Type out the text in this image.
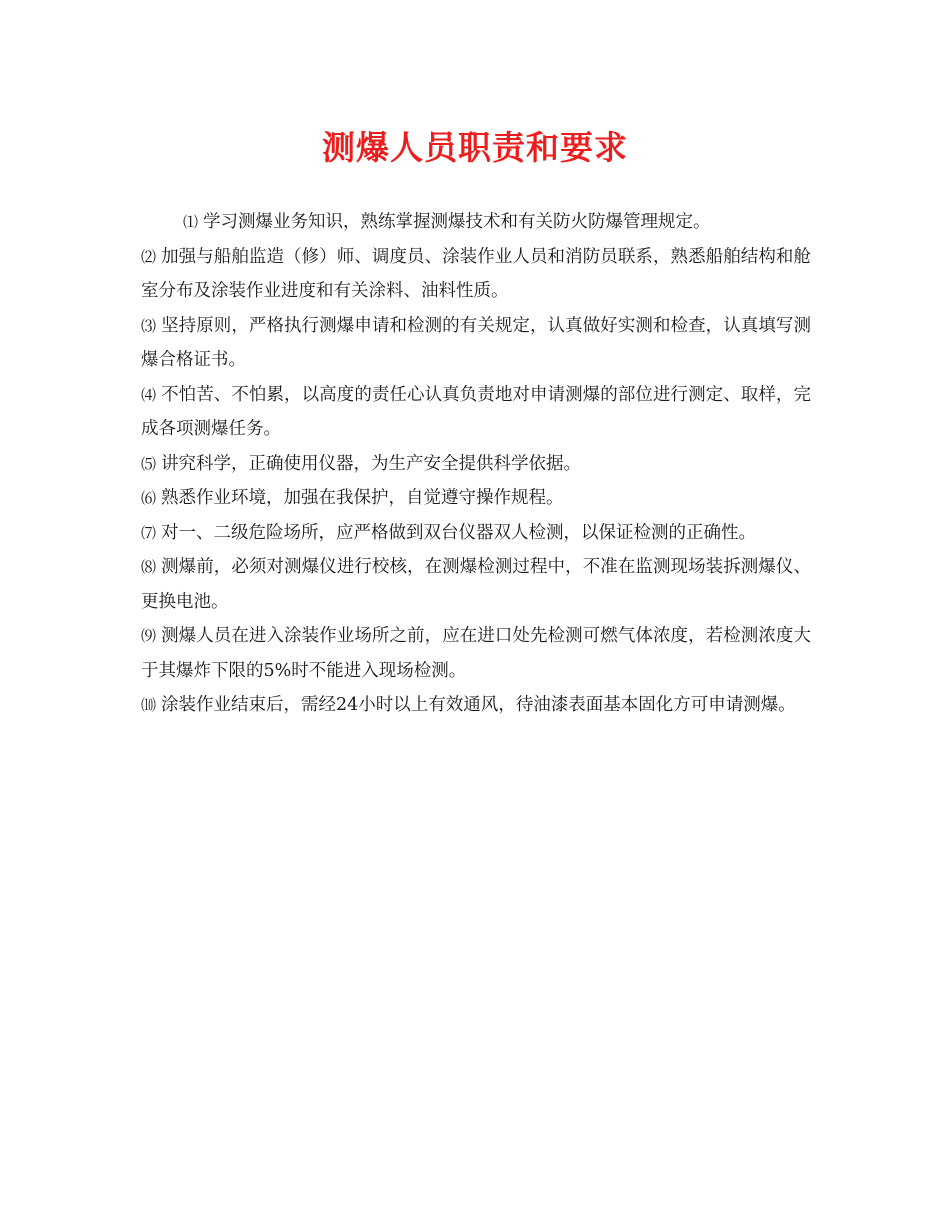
测爆人员职责和要求

⑴ 学习测爆业务知识，熟练掌握测爆技术和有关防火防爆管理规定。

⑵ 加强与船舶监造（修）师、调度员、涂装作业人员和消防员联系，熟悉船舶结构和舱室分布及涂装作业进度和有关涂料、油料性质。

⑶ 坚持原则，严格执行测爆申请和检测的有关规定，认真做好实测和检查，认真填写测爆合格证书。

⑷ 不怕苦、不怕累，以高度的责任心认真负责地对申请测爆的部位进行测定、取样，完成各项测爆任务。

⑸ 讲究科学，正确使用仪器，为生产安全提供科学依据。

⑹ 熟悉作业环境，加强在我保护，自觉遵守操作规程。

⑺ 对一、二级危险场所，应严格做到双台仪器双人检测，以保证检测的正确性。

⑻ 测爆前，必须对测爆仪进行校核，在测爆检测过程中，不准在监测现场装拆测爆仪、更换电池。

⑼ 测爆人员在进入涂装作业场所之前，应在进口处先检测可燃气体浓度，若检测浓度大于其爆炸下限的5%时不能进入现场检测。

⑽ 涂装作业结束后，需经24小时以上有效通风，待油漆表面基本固化方可申请测爆。
